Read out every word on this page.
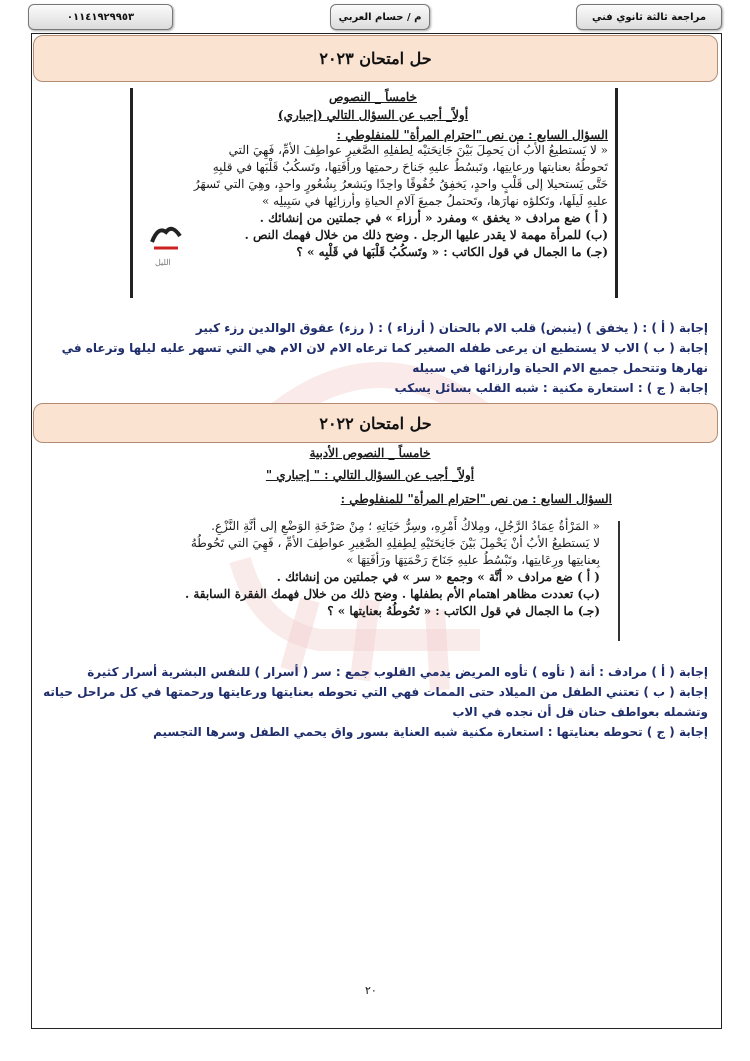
٠١١٤١٩٢٩٩٥٣	م / حسام العربي	مراجعة ثالثة ثانوي فني
حل امتحان ٢٠٢٣

خامساً _ النصوص

أولاً_ أجب عن السؤال التالي (إجباري)

السؤال السابع : من نص "احترام المرأة" للمنفلوطي :

« لا يَستطيعُ الأبُ أن يَحمِلَ بَيْنَ جَانِحَتيْه لِطفلِهِ الصَّغيرِ عواطِفَ الأمِّ، فَهِيَ التي

تَحوطُهُ بعنايتها ورعايتِها، وتَبسُطُ عليهِ جَناحَ رحمتِها ورأفَتِها، وتَسكُبُ قَلْبَها في قلبِهِ

حَتَّى يَستحيلا إلى قَلْبٍ واحدٍ، يَخفِقُ خُفُوقًا واحِدًا ويَشعرُ بِشُعُورٍ واحدٍ، وهِيَ التي تَسهَرُ

عليهِ لَيلَها، وتَكلؤه نهارَها، وتَحتملُ جميعَ آلامِ الحياةِ وأرزائِها في سَبِيلِه »

( أ ) ضع مرادف « يخفق » ومفرد « أرزاء » في جملتين من إنشائك .

(ب) للمرأة مهمة لا يقدر عليها الرجل . وضح ذلك من خلال فهمك النص .

(جـ) ما الجمال في قول الكاتب : « وتَسكُبُ قَلْبَها في قَلْبِه » ؟

الليل

إجابة ( أ ) : ( يخفق ) (ينبض) قلب الام بالحنان ( أرزاء ) : ( رزء) عقوق الوالدين رزء كبير

إجابة ( ب ) الاب لا يستطيع ان يرعى طفله الصغير كما ترعاه الام لان الام هي التي تسهر عليه ليلها وترعاه في

نهارها وتتحمل جميع الام الحياة وارزائها في سبيله

إجابة ( ج ) : استعارة مكنية : شبه القلب بسائل يسكب

حل امتحان ٢٠٢٢

خامساً _ النصوص الأدبية

أولاً_ أجب عن السؤال التالي : " إجباري "

السؤال السابع : من نص "احترام المرأة" للمنفلوطي :

« المَرْأةُ عِمَادُ الرَّجُلِ، ومِلاكُ أَمْرِهِ، وسِرُّ حَيَاتِهِ ؛ مِنْ صَرْخَةِ الوَضْعِ إلى أنَّةِ النَّزْعِ.

لا يَستطيعُ الأبُ أنْ يَحْمِلَ بَيْنَ جَانِحَتَيْهِ لِطِفلِهِ الصَّغِيرِ عواطِفَ الأمِّ ، فَهِيَ التي تَحُوطُهُ

بِعنايتِها ورِعَايتِها، وتَبْسُطُ عليهِ جَنَاحَ رَحْمَتِهَا ورَأفَتِهَا »

( أ ) ضع مرادف « أنَّة » وجمع « سر » في جملتين من إنشائك .

(ب) تعددت مظاهر اهتمام الأم بطفلها . وضح ذلك من خلال فهمك الفقرة السابقة .

(جـ) ما الجمال في قول الكاتب : « تَحُوطُهُ بعنايتها » ؟

إجابة ( أ ) مرادف : أنة ( تأوه ) تأوه المريض يدمي القلوب جمع : سر ( أسرار ) للنفس البشرية أسرار كثيرة

إجابة ( ب ) تعتني الطفل من الميلاد حتى الممات فهي التي تحوطه بعنايتها ورعايتها ورحمتها في كل مراحل حياته

وتشمله بعواطف حنان قل أن نجده في الاب

إجابة ( ج ) تحوطه بعنايتها : استعارة مكنية شبه العناية بسور واق يحمي الطفل وسرها التجسيم

٢٠
